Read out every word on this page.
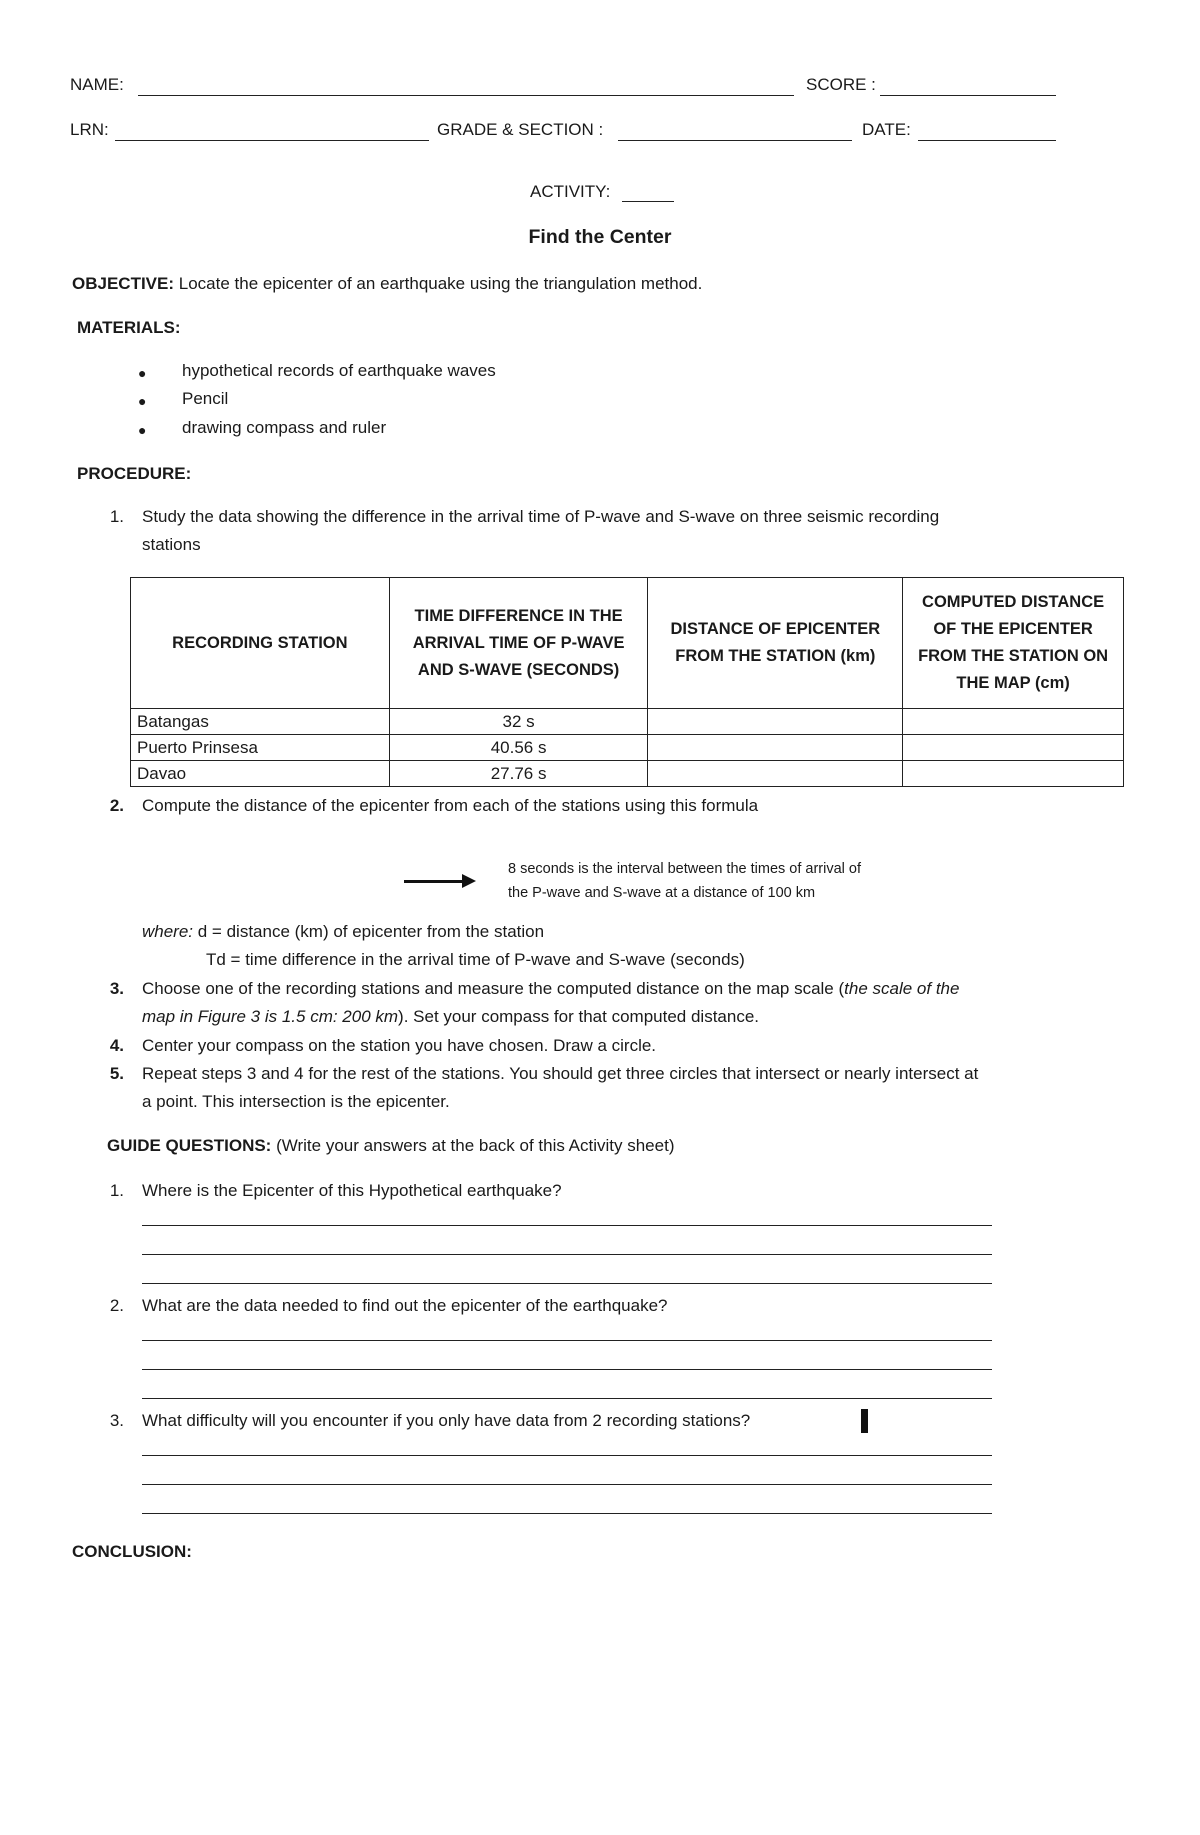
NAME:	SCORE :
LRN:	GRADE & SECTION :	DATE:
ACTIVITY:
Find the Center
OBJECTIVE: Locate the epicenter of an earthquake using the triangulation method.
MATERIALS:
● hypothetical records of earthquake waves
● Pencil
● drawing compass and ruler
PROCEDURE:
1. Study the data showing the difference in the arrival time of P-wave and S-wave on three seismic recording
stations
RECORDING STATION	TIME DIFFERENCE IN THE ARRIVAL TIME OF P-WAVE AND S-WAVE (SECONDS)	DISTANCE OF EPICENTER FROM THE STATION (km)	COMPUTED DISTANCE OF THE EPICENTER FROM THE STATION ON THE MAP (cm)
Batangas	32 s		
Puerto Prinsesa	40.56 s		
Davao	27.76 s		
2. Compute the distance of the epicenter from each of the stations using this formula
8 seconds is the interval between the times of arrival of the P-wave and S-wave at a distance of 100 km
where: d = distance (km) of epicenter from the station
Td = time difference in the arrival time of P-wave and S-wave (seconds)
3. Choose one of the recording stations and measure the computed distance on the map scale (the scale of the
map in Figure 3 is 1.5 cm: 200 km). Set your compass for that computed distance.
4. Center your compass on the station you have chosen. Draw a circle.
5. Repeat steps 3 and 4 for the rest of the stations. You should get three circles that intersect or nearly intersect at
a point. This intersection is the epicenter.
GUIDE QUESTIONS: (Write your answers at the back of this Activity sheet)
1. Where is the Epicenter of this Hypothetical earthquake?
2. What are the data needed to find out the epicenter of the earthquake?
3. What difficulty will you encounter if you only have data from 2 recording stations?
CONCLUSION:
